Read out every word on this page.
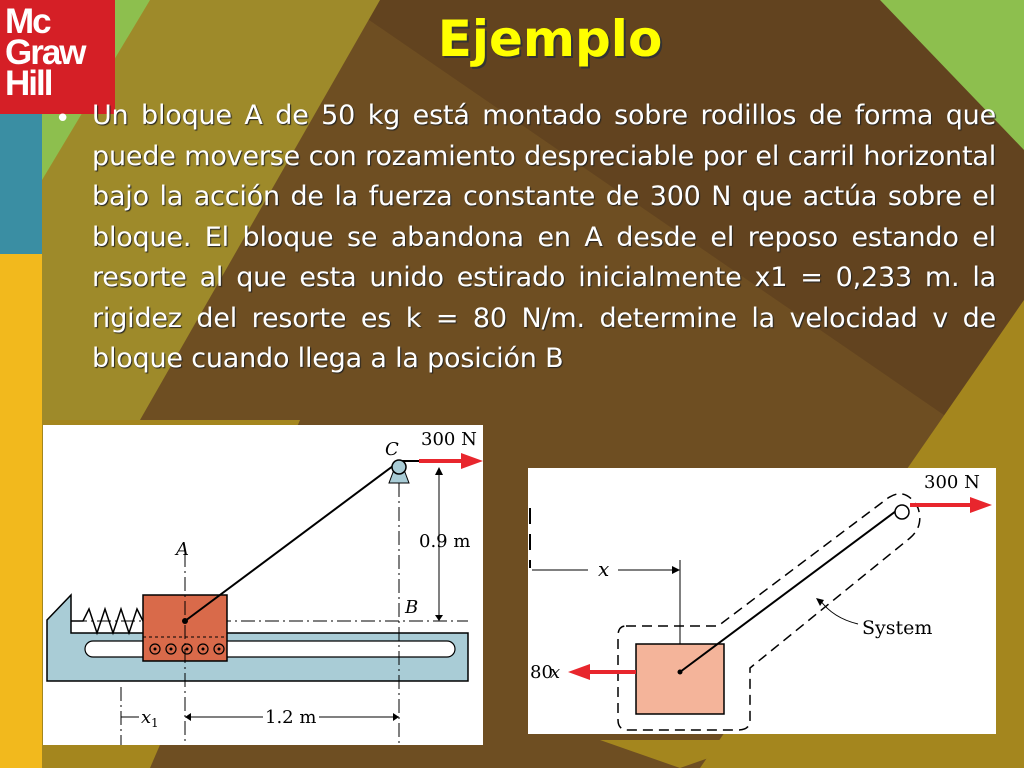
Mc
Graw
Hill
Ejemplo
• Un bloque A de 50 kg está montado sobre rodillos de forma que puede moverse con rozamiento despreciable por el carril horizontal bajo la acción de la fuerza constante de 300 N que actúa sobre el bloque. El bloque se abandona en A desde el reposo estando el resorte al que esta unido estirado inicialmente x1 = 0,233 m. la rigidez del resorte es k = 80 N/m. determine la velocidad v de bloque cuando llega a la posición B
C 300 N
A	0.9 m
B
x 1	1.2 m
300 N
x
System
80
x
